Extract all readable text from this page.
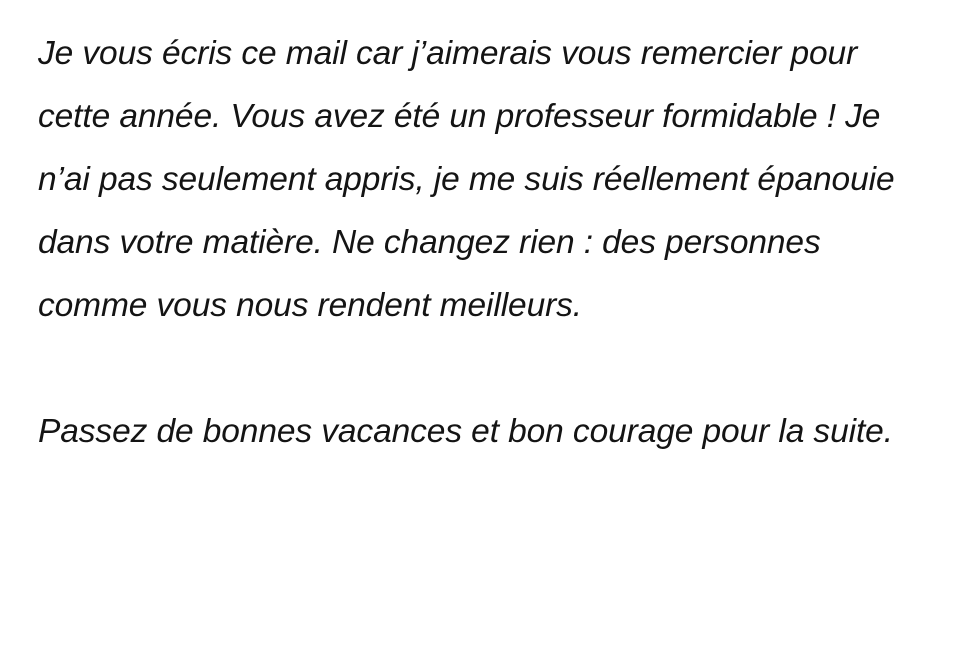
Je vous écris ce mail car j’aimerais vous remercier pour cette année. Vous avez été un professeur formidable ! Je n’ai pas seulement appris, je me suis réellement épanouie dans votre matière. Ne changez rien : des personnes comme vous nous rendent meilleurs.

Passez de bonnes vacances et bon courage pour la suite.
